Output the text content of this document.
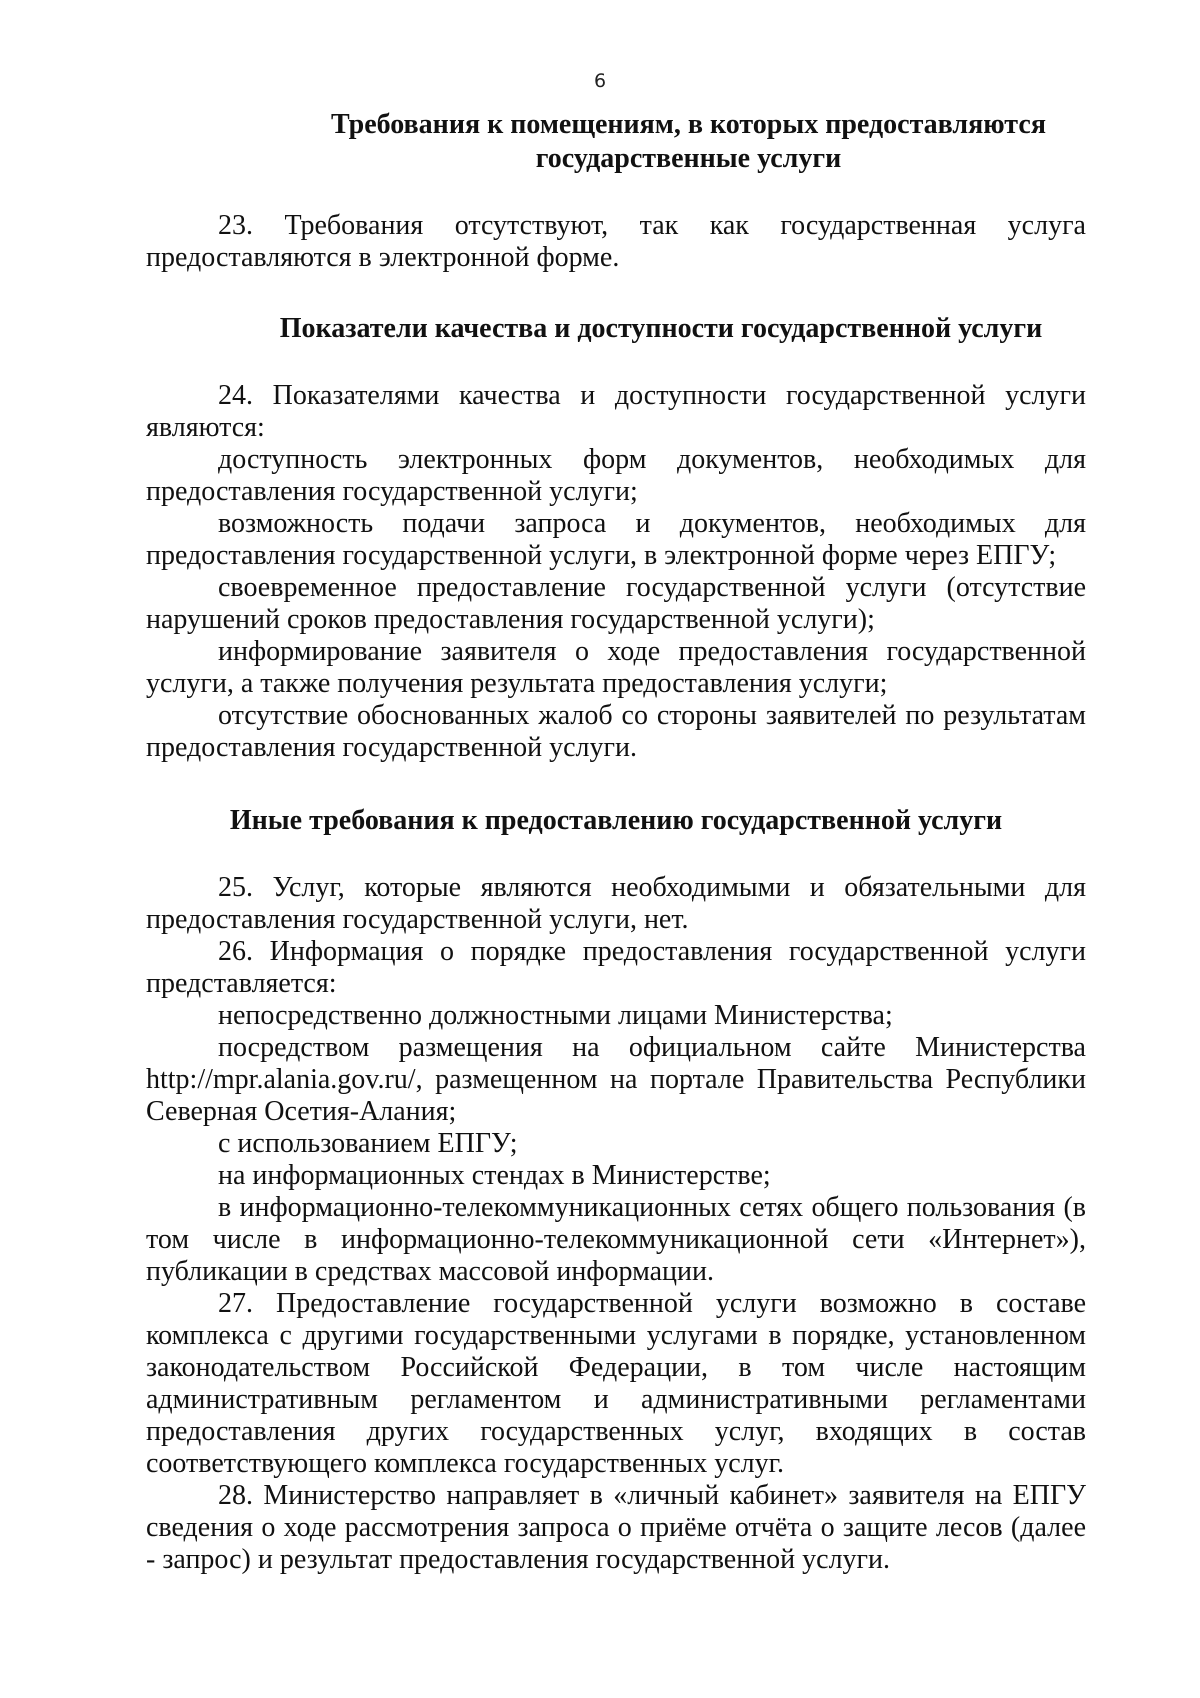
6
Требования к помещениям, в которых предоставляются государственные услуги

23. Требования отсутствуют, так как государственная услуга предоставляются в электронной форме.

Показатели качества и доступности государственной услуги

24. Показателями качества и доступности государственной услуги являются:

доступность электронных форм документов, необходимых для предоставления государственной услуги;

возможность подачи запроса и документов, необходимых для предоставления государственной услуги, в электронной форме через ЕПГУ;

своевременное предоставление государственной услуги (отсутствие нарушений сроков предоставления государственной услуги);

информирование заявителя о ходе предоставления государственной услуги, а также получения результата предоставления услуги;

отсутствие обоснованных жалоб со стороны заявителей по результатам предоставления государственной услуги.

Иные требования к предоставлению государственной услуги

25. Услуг, которые являются необходимыми и обязательными для предоставления государственной услуги, нет.

26. Информация о порядке предоставления государственной услуги представляется:

непосредственно должностными лицами Министерства;

посредством размещения на официальном сайте Министерства http://mpr.alania.gov.ru/, размещенном на портале Правительства Республики Северная Осетия-Алания;

с использованием ЕПГУ;

на информационных стендах в Министерстве;

в информационно-телекоммуникационных сетях общего пользования (в том числе в информационно-телекоммуникационной сети «Интернет»), публикации в средствах массовой информации.

27. Предоставление государственной услуги возможно в составе комплекса с другими государственными услугами в порядке, установленном законодательством Российской Федерации, в том числе настоящим административным регламентом и административными регламентами предоставления других государственных услуг, входящих в состав соответствующего комплекса государственных услуг.

28. Министерство направляет в «личный кабинет» заявителя на ЕПГУ сведения о ходе рассмотрения запроса о приёме отчёта о защите лесов (далее - запрос) и результат предоставления государственной услуги.
